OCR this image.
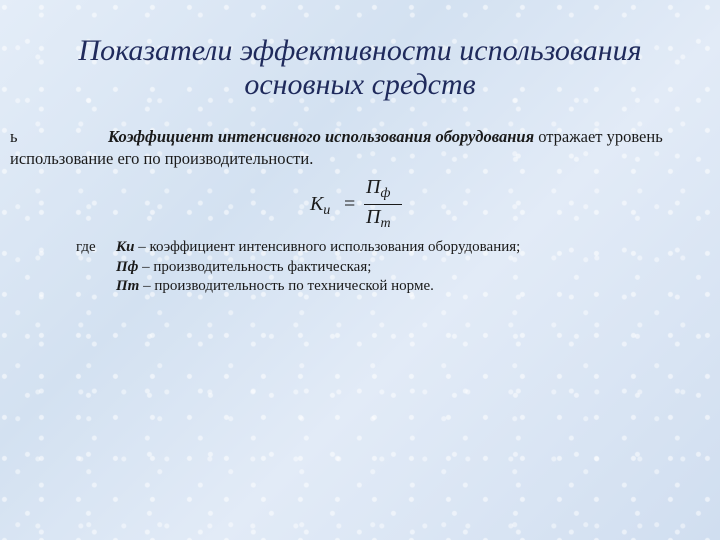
Показатели эффективности использования
основных средств

ь	Коэффициент интенсивного использования оборудования отражает уровень использование его по производительности.

$К_и$ =
$П_ф$
$П_т$
где	Ки – коэффициент интенсивного использования оборудования;
Пф – производительность фактическая;
Пт – производительность по технической норме.
